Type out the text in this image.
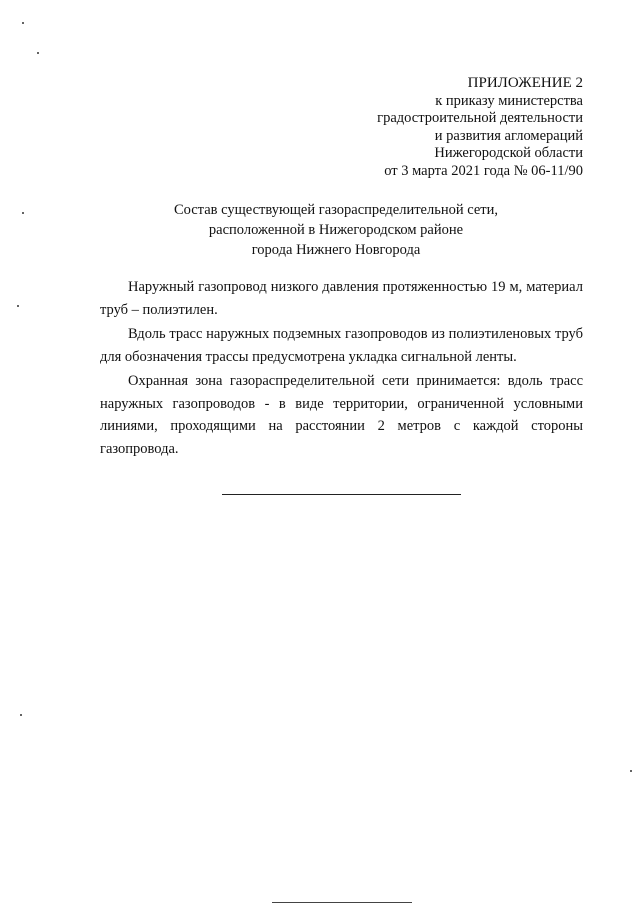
ПРИЛОЖЕНИЕ 2
к приказу министерства
градостроительной деятельности
и развития агломераций
Нижегородской области
от 3 марта 2021 года № 06-11/90
Состав существующей газораспределительной сети,
расположенной в Нижегородском районе
города Нижнего Новгорода

Наружный газопровод низкого давления протяженностью 19 м, материал труб – полиэтилен.

Вдоль трасс наружных подземных газопроводов из полиэтиленовых труб для обозначения трассы предусмотрена укладка сигнальной ленты.

Охранная зона газораспределительной сети принимается: вдоль трасс наружных газопроводов - в виде территории, ограниченной условными линиями, проходящими на расстоянии 2 метров с каждой стороны газопровода.
